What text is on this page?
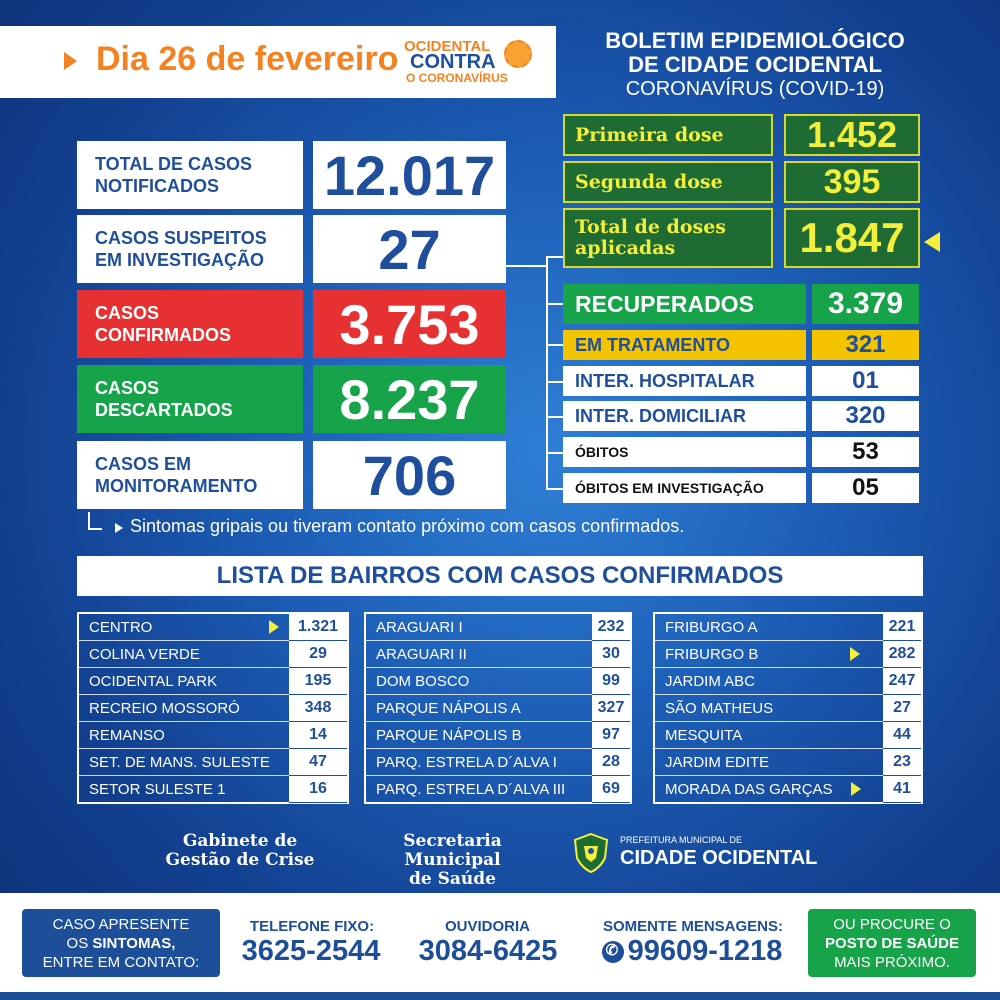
Dia 26 de fevereiro OCIDENTAL
CONTRA
O CORONAVÍRUS
BOLETIM EPIDEMIOLÓGICO
DE CIDADE OCIDENTAL
CORONAVÍRUS (COVID-19)
TOTAL DE CASOS
NOTIFICADOS	12.017
CASOS SUSPEITOS
EM INVESTIGAÇÃO	27
CASOS
CONFIRMADOS	3.753
CASOS
DESCARTADOS	8.237
CASOS EM
MONITORAMENTO	706
Primeira dose	1.452
Segunda dose	395
Total de doses
aplicadas	1.847
RECUPERADOS	3.379
EM TRATAMENTO	321
INTER. HOSPITALAR	01
INTER. DOMICILIAR	320
ÓBITOS	53
ÓBITOS EM INVESTIGAÇÃO	05
Sintomas gripais ou tiveram contato próximo com casos confirmados.
LISTA DE BAIRROS COM CASOS CONFIRMADOS
CENTRO	1.321
COLINA VERDE	29
OCIDENTAL PARK	195
RECREIO MOSSORÓ	348
REMANSO	14
SET. DE MANS. SULESTE	47
SETOR SULESTE 1	16
ARAGUARI I	232
ARAGUARI II	30
DOM BOSCO	99
PARQUE NÁPOLIS A	327
PARQUE NÁPOLIS B	97
PARQ. ESTRELA D´ALVA I	28
PARQ. ESTRELA D´ALVA III	69
FRIBURGO A	221
FRIBURGO B	282
JARDIM ABC	247
SÃO MATHEUS	27
MESQUITA	44
JARDIM EDITE	23
MORADA DAS GARÇAS	41
Gabinete de
Gestão de Crise
Secretaria Municipal
de Saúde
PREFEITURA MUNICIPAL DE
CIDADE OCIDENTAL
CASO APRESENTE
OS SINTOMAS,
ENTRE EM CONTATO:
TELEFONE FIXO:
3625-2544
OUVIDORIA
3084-6425
SOMENTE MENSAGENS:
✆99609-1218
OU PROCURE O
POSTO DE SAÚDE
MAIS PRÓXIMO.
